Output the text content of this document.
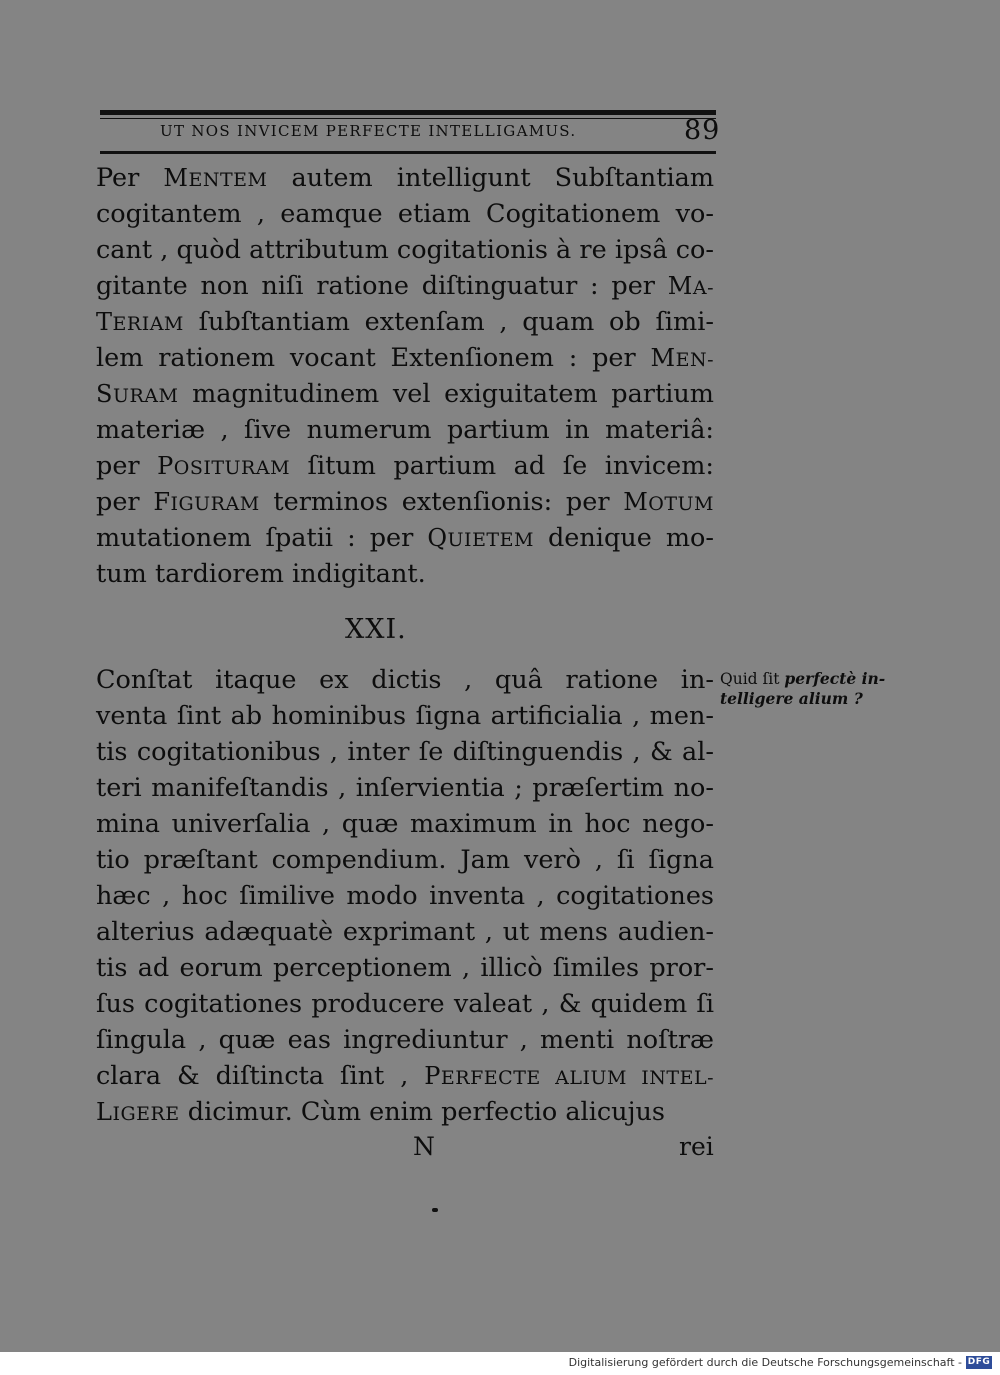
UT NOS INVICEM PERFECTE INTELLIGAMUS.	89
Per MENTEM autem intelligunt Subſtantiam
cogitantem , eamque etiam Cogitationem vo-
cant , quòd attributum cogitationis à re ipsâ co-
gitante non niſi ratione diſtinguatur : per MA-
TERIAM ſubſtantiam extenſam , quam ob ſimi-
lem rationem vocant Extenſionem : per MEN-
SURAM magnitudinem vel exiguitatem partium
materiæ , ſive numerum partium in materiâ:
per POSITURAM ſitum partium ad ſe invicem:
per FIGURAM terminos extenſionis: per MOTUM
mutationem ſpatii : per QUIETEM denique mo-
tum tardiorem indigitant.
XXI.
Conſtat itaque ex dictis , quâ ratione in-
venta ſint ab hominibus ſigna artificialia , men-
tis cogitationibus , inter ſe diſtinguendis , & al-
teri manifeſtandis , inſervientia ; præſertim no-
mina univerſalia , quæ maximum in hoc nego-
tio præſtant compendium. Jam verò , ſi ſigna
hæc , hoc ſimilive modo inventa , cogitationes
alterius adæquatè exprimant , ut mens audien-
tis ad eorum perceptionem , illicò ſimiles pror-
ſus cogitationes producere valeat , & quidem ſi
ſingula , quæ eas ingrediuntur , menti noſtræ
clara & diſtincta ſint , PERFECTE ALIUM INTEL-
LIGERE dicimur. Cùm enim perfectio alicujus
Quid ſit perfectè in-
telligere alium ?
N	rei
Digitalisierung gefördert durch die Deutsche Forschungsgemeinschaft - DFG
